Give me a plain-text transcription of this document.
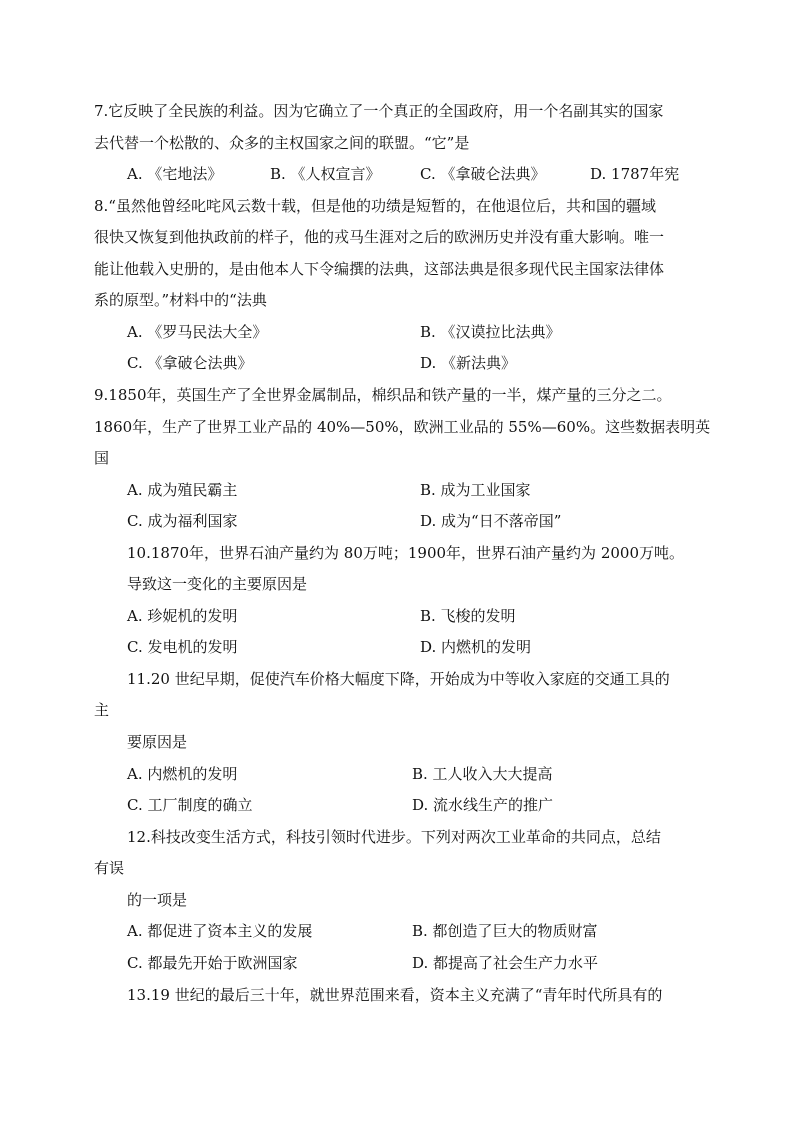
7.它反映了全民族的利益。因为它确立了一个真正的全国政府，用一个名副其实的国家
去代替一个松散的、众多的主权国家之间的联盟。“它”是
A. 《宅地法》	B. 《人权宣言》	C. 《拿破仑法典》	D. 1787年宪
8.“虽然他曾经叱咤风云数十载，但是他的功绩是短暂的，在他退位后，共和国的疆域
很快又恢复到他执政前的样子，他的戎马生涯对之后的欧洲历史并没有重大影响。唯一
能让他载入史册的，是由他本人下令编撰的法典，这部法典是很多现代民主国家法律体
系的原型。”材料中的“法典
A. 《罗马民法大全》	B. 《汉谟拉比法典》
C. 《拿破仑法典》	D. 《新法典》
9.1850年，英国生产了全世界金属制品，棉织品和铁产量的一半，煤产量的三分之二。
1860年，生产了世界工业产品的 40%—50%，欧洲工业品的 55%—60%。这些数据表明英
国
A. 成为殖民霸主	B. 成为工业国家
C. 成为福利国家	D. 成为“日不落帝国”
10.1870年，世界石油产量约为 80万吨；1900年，世界石油产量约为 2000万吨。
导致这一变化的主要原因是
A. 珍妮机的发明	B. 飞梭的发明
C. 发电机的发明	D. 内燃机的发明
11.20 世纪早期，促使汽车价格大幅度下降，开始成为中等收入家庭的交通工具的
主
要原因是
A. 内燃机的发明	B. 工人收入大大提高
C. 工厂制度的确立	D. 流水线生产的推广
12.科技改变生活方式，科技引领时代进步。下列对两次工业革命的共同点，总结
有误
的一项是
A. 都促进了资本主义的发展	B. 都创造了巨大的物质财富
C. 都最先开始于欧洲国家	D. 都提高了社会生产力水平
13.19 世纪的最后三十年，就世界范围来看，资本主义充满了“青年时代所具有的
